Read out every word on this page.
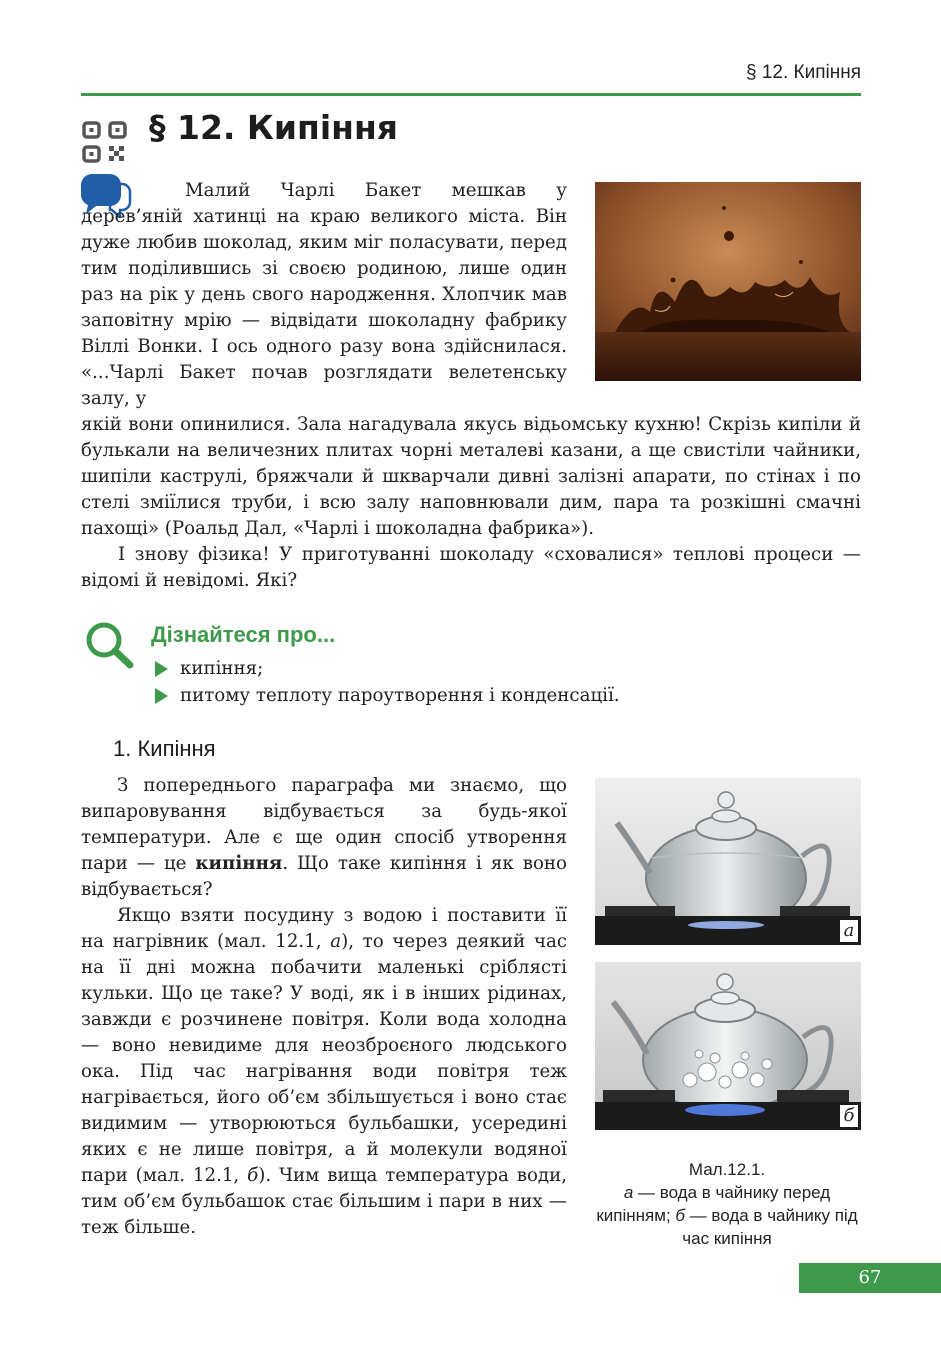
§ 12. Кипіння
§ 12. Кипіння

Малий Чарлі Бакет мешкав у дерев’яній хатинці на краю великого міста. Він дуже любив шоколад, яким міг поласувати, перед тим поділившись зі своєю родиною, лише один раз на рік у день свого народження. Хлопчик мав заповітну мрію — відвідати шоколадну фабрику Віллі Вонки. І ось одного разу вона здійснилася. «...Чарлі Бакет почав розглядати велетенську залу, у

якій вони опинилися. Зала нагадувала якусь відьомську кухню! Скрізь кипіли й булькали на величезних плитах чорні металеві казани, а ще свистіли чайники, шипіли каструлі, бряжчали й шкварчали дивні залізні апарати, по стінах і по стелі зміїлися труби, і всю залу наповнювали дим, пара та розкішні смачні пахощі» (Роальд Дал, «Чарлі і шоколадна фабрика»).

І знову фізика! У приготуванні шоколаду «сховалися» теплові процеси — відомі й невідомі. Які?

Дізнайтеся про...
кипіння;
питому теплоту пароутворення і конденсації.
1. Кипіння

З попереднього параграфа ми знаємо, що випаровування відбувається за будь-якої температури. Але є ще один спосіб утворення пари — це кипіння. Що таке кипіння і як воно відбувається?

Якщо взяти посудину з водою і поставити її на нагрівник (мал. 12.1, а), то через деякий час на її дні можна побачити маленькі сріблясті кульки. Що це таке? У воді, як і в інших рідинах, завжди є розчинене повітря. Коли вода холодна — воно невидиме для неозброєного людського ока. Під час нагрівання води повітря теж нагрівається, його об’єм збільшується і воно стає видимим — утворюються бульбашки, усередині яких є не лише повітря, а й молекули водяної пари (мал. 12.1, б). Чим вища температура води, тим об’єм бульбашок стає більшим і пари в них — теж більше.

а
б
Мал.12.1.
а — вода в чайнику перед кипінням; б — вода в чайнику під час кипіння
67
